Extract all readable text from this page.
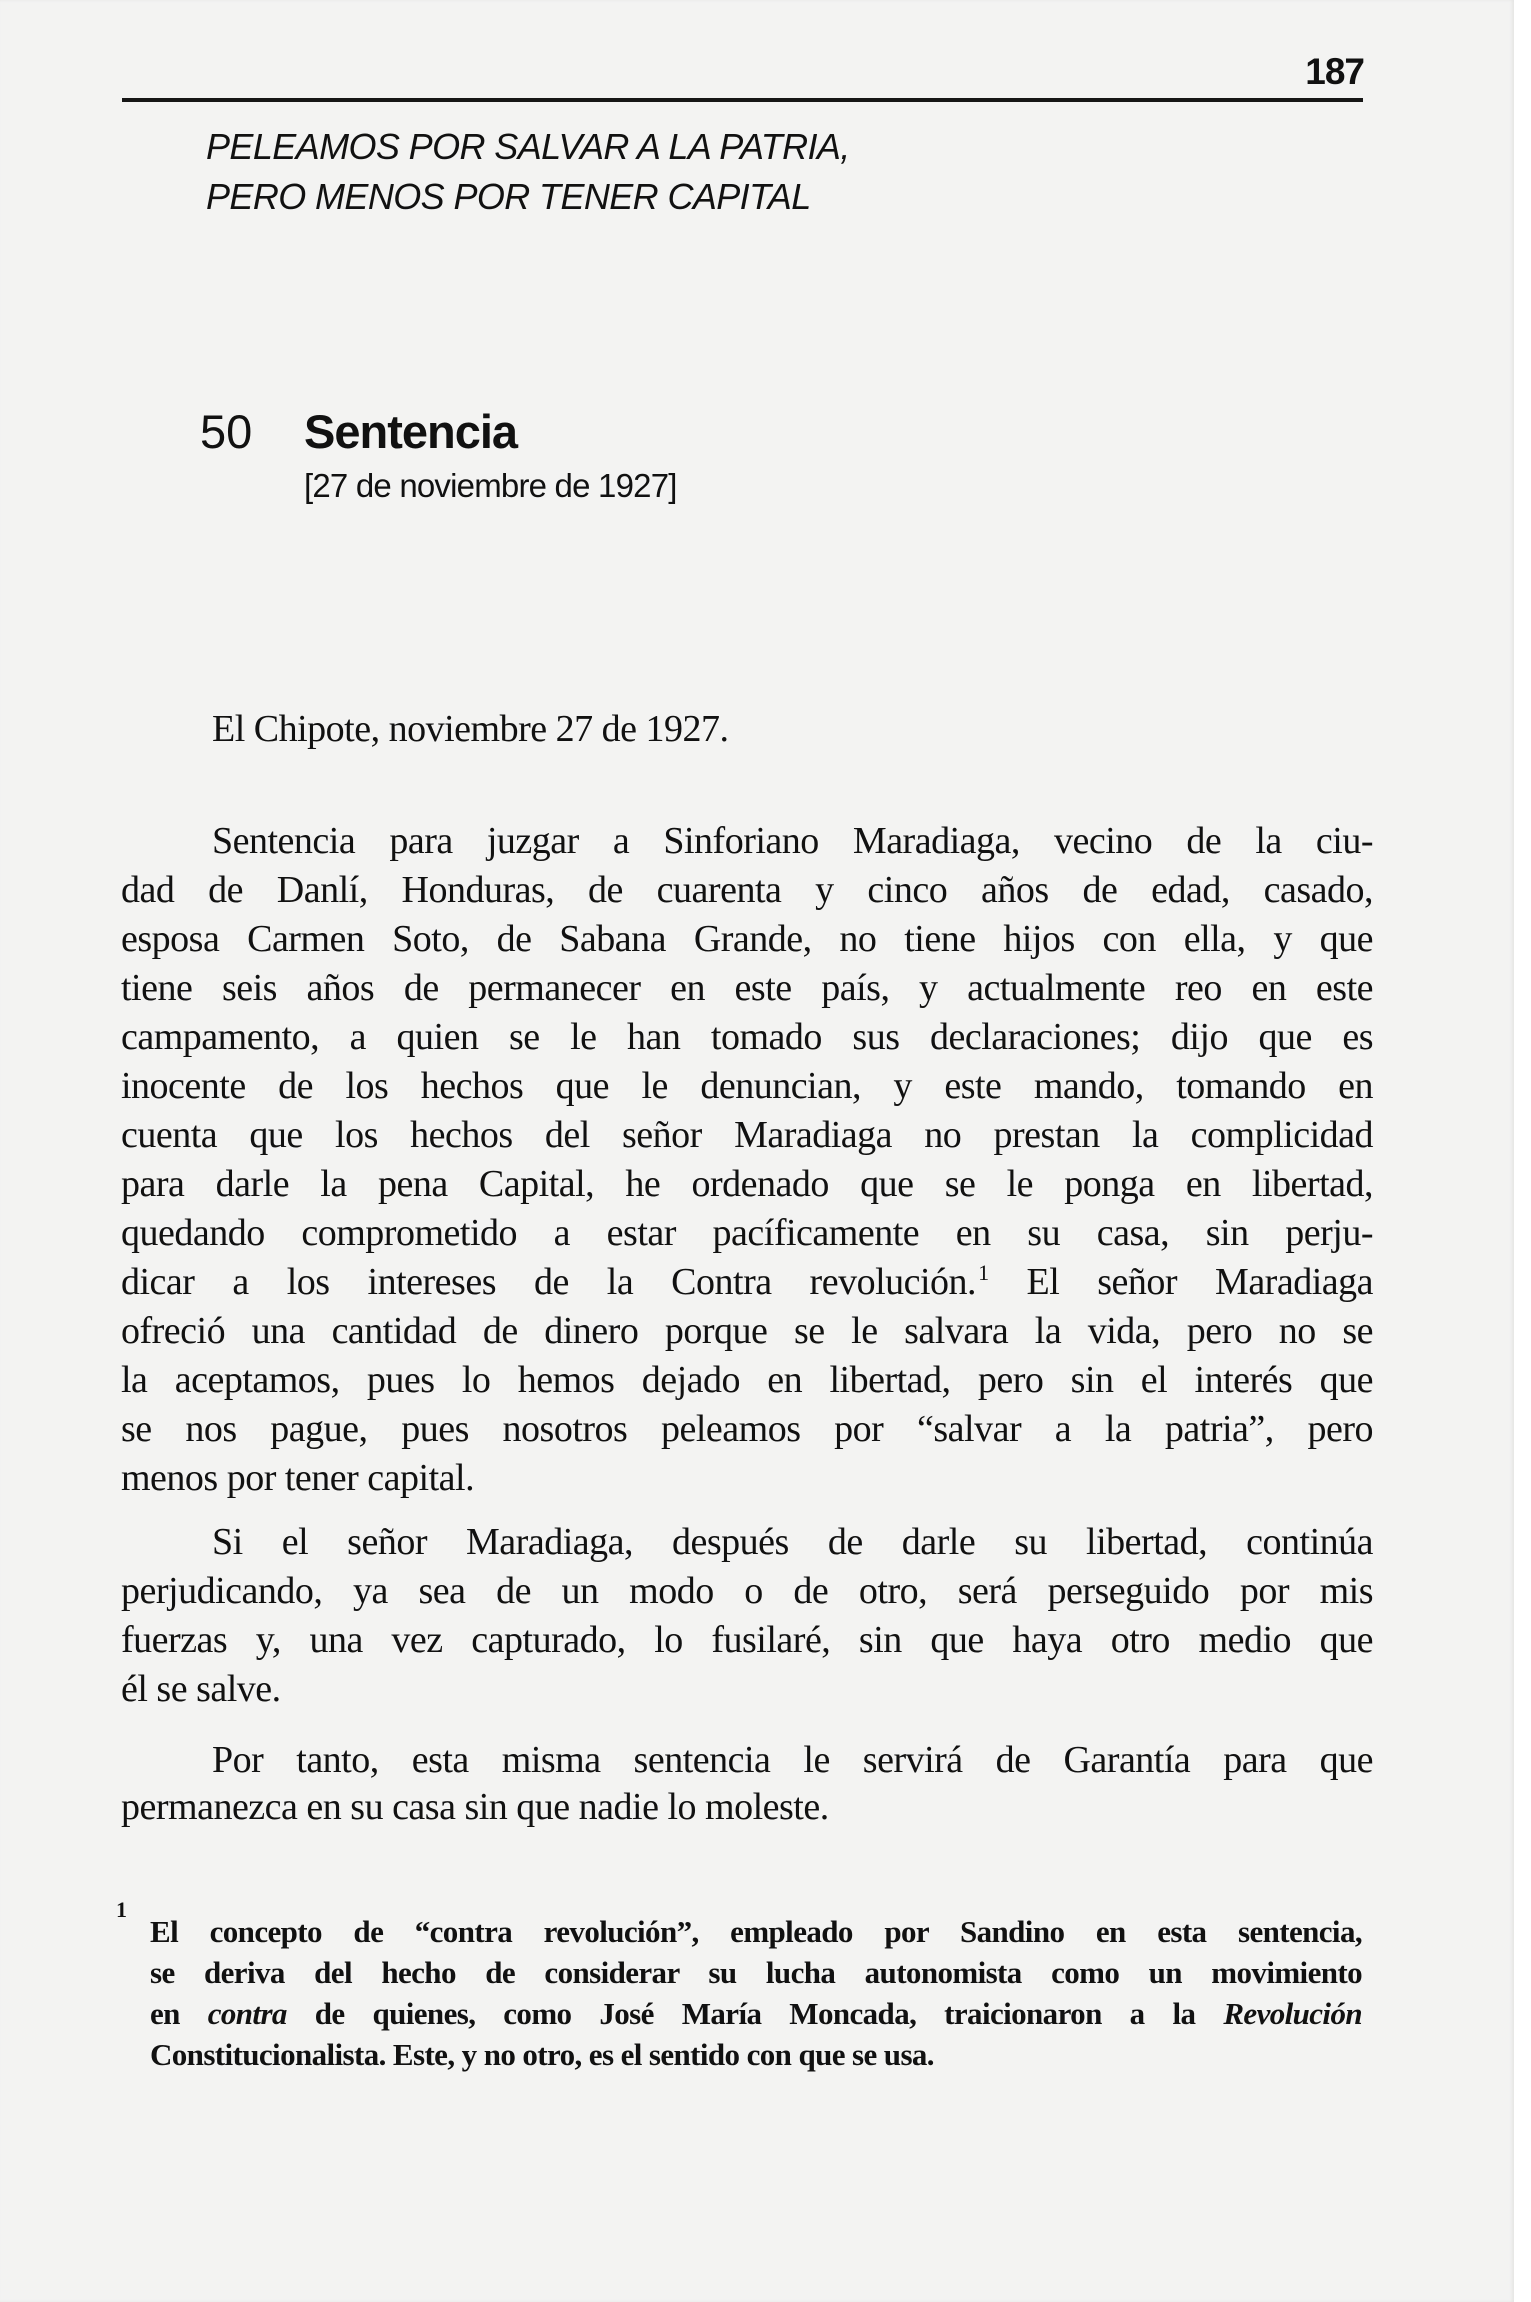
187
PELEAMOS POR SALVAR A LA PATRIA,
PERO MENOS POR TENER CAPITAL
50 Sentencia
[27 de noviembre de 1927]
El Chipote, noviembre 27 de 1927.
Sentencia para juzgar a Sinforiano Maradiaga, vecino de la ciu-
dad de Danlí, Honduras, de cuarenta y cinco años de edad, casado,
esposa Carmen Soto, de Sabana Grande, no tiene hijos con ella, y que
tiene seis años de permanecer en este país, y actualmente reo en este
campamento, a quien se le han tomado sus declaraciones; dijo que es
inocente de los hechos que le denuncian, y este mando, tomando en
cuenta que los hechos del señor Maradiaga no prestan la complicidad
para darle la pena Capital, he ordenado que se le ponga en libertad,
quedando comprometido a estar pacíficamente en su casa, sin perju-
dicar a los intereses de la Contra revolución.$^1$ El señor Maradiaga
ofreció una cantidad de dinero porque se le salvara la vida, pero no se
la aceptamos, pues lo hemos dejado en libertad, pero sin el interés que
se nos pague, pues nosotros peleamos por “salvar a la patria”, pero
menos por tener capital.
Si el señor Maradiaga, después de darle su libertad, continúa
perjudicando, ya sea de un modo o de otro, será perseguido por mis
fuerzas y, una vez capturado, lo fusilaré, sin que haya otro medio que
él se salve.
Por tanto, esta misma sentencia le servirá de Garantía para que
permanezca en su casa sin que nadie lo moleste.
1
El concepto de “contra revolución”, empleado por Sandino en esta sentencia,
se deriva del hecho de considerar su lucha autonomista como un movimiento
en contra de quienes, como José María Moncada, traicionaron a la Revolución
Constitucionalista. Este, y no otro, es el sentido con que se usa.
